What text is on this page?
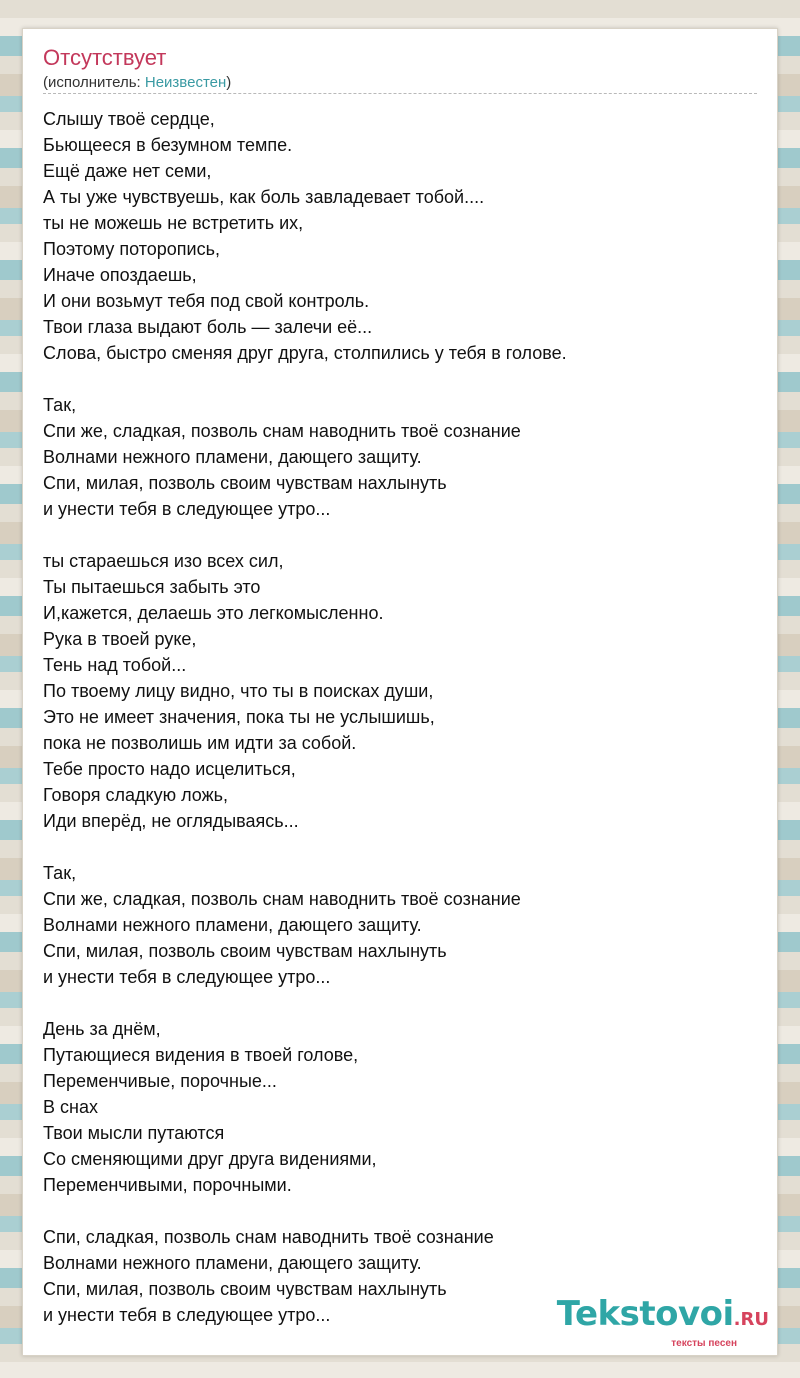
Отсутствует
(исполнитель: Неизвестен)
Слышу твоё сердце,
Бьющееся в безумном темпе.
Ещё даже нет семи,
А ты уже чувствуешь, как боль завладевает тобой....
ты не можешь не встретить их,
Поэтому поторопись,
Иначе опоздаешь,
И они возьмут тебя под свой контроль.
Твои глаза выдают боль — залечи её...
Слова, быстро сменяя друг друга, столпились у тебя в голове.
Так,
Спи же, сладкая, позволь снам наводнить твоё сознание
Волнами нежного пламени, дающего защиту.
Спи, милая, позволь своим чувствам нахлынуть
и унести тебя в следующее утро...
ты стараешься изо всех сил,
Ты пытаешься забыть это
И,кажется, делаешь это легкомысленно.
Рука в твоей руке,
Тень над тобой...
По твоему лицу видно, что ты в поисках души,
Это не имеет значения, пока ты не услышишь,
пока не позволишь им идти за собой.
Тебе просто надо исцелиться,
Говоря сладкую ложь,
Иди вперёд, не оглядываясь...
Так,
Спи же, сладкая, позволь снам наводнить твоё сознание
Волнами нежного пламени, дающего защиту.
Спи, милая, позволь своим чувствам нахлынуть
и унести тебя в следующее утро...
День за днём,
Путающиеся видения в твоей голове,
Переменчивые, порочные...
В снах
Твои мысли путаются
Со сменяющими друг друга видениями,
Переменчивыми, порочными.
Спи, сладкая, позволь снам наводнить твоё сознание
Волнами нежного пламени, дающего защиту.
Спи, милая, позволь своим чувствам нахлынуть
и унести тебя в следующее утро...	Tekstovoi.RU
тексты песен
